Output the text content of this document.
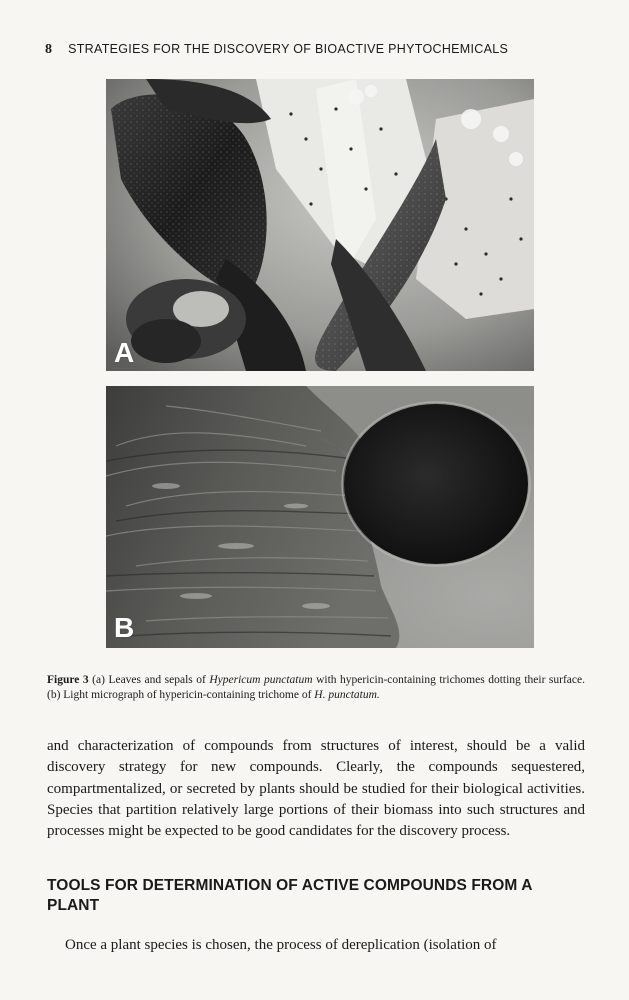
8 STRATEGIES FOR THE DISCOVERY OF BIOACTIVE PHYTOCHEMICALS
A
B
Figure 3 (a) Leaves and sepals of Hypericum punctatum with hypericin-containing trichomes dotting their surface. (b) Light micrograph of hypericin-containing trichome of H. punctatum.

and characterization of compounds from structures of interest, should be a valid discovery strategy for new compounds. Clearly, the compounds sequestered, compartmentalized, or secreted by plants should be studied for their biological activities. Species that partition relatively large portions of their biomass into such structures and processes might be expected to be good candidates for the discovery process.

TOOLS FOR DETERMINATION OF ACTIVE COMPOUNDS FROM A PLANT

Once a plant species is chosen, the process of dereplication (isolation of
